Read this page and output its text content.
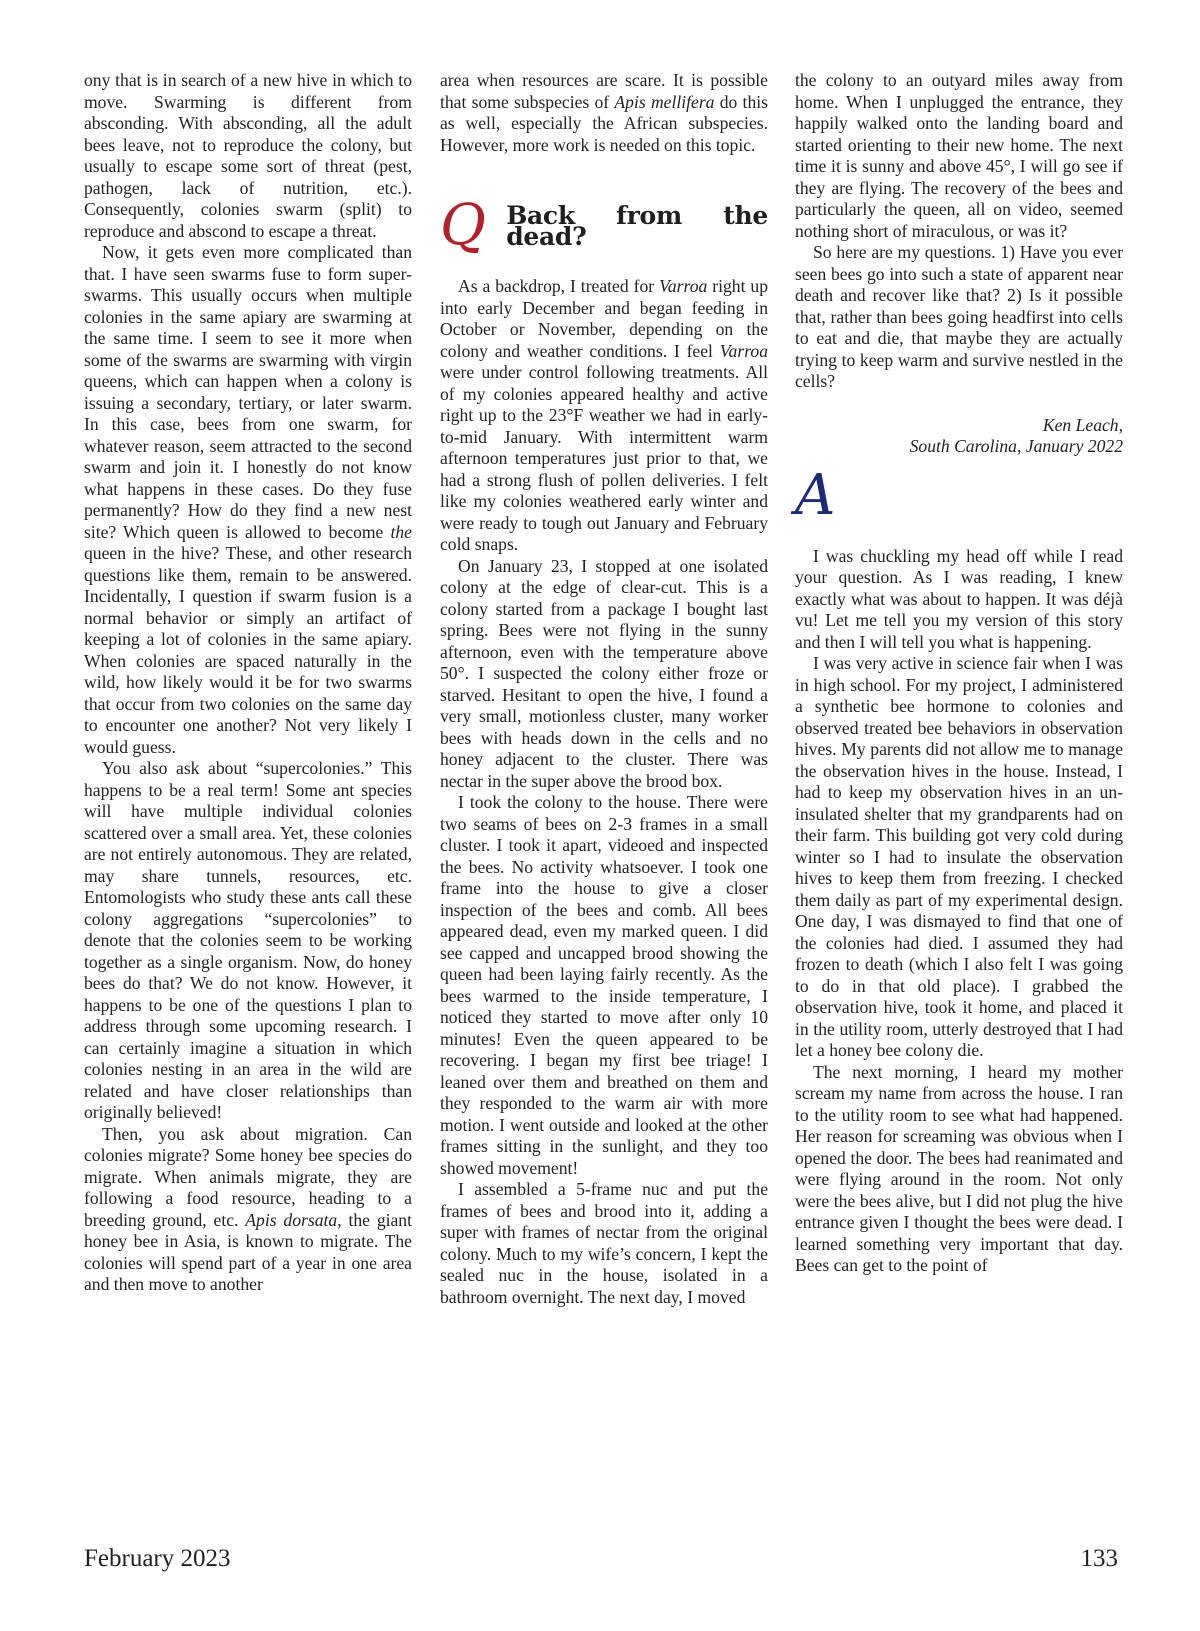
ony that is in search of a new hive in which to move. Swarming is different from absconding. With absconding, all the adult bees leave, not to reproduce the colony, but usually to escape some sort of threat (pest, pathogen, lack of nutrition, etc.). Consequently, colonies swarm (split) to reproduce and abscond to escape a threat.

Now, it gets even more complicated than that. I have seen swarms fuse to form super-swarms. This usually occurs when multiple colonies in the same apiary are swarming at the same time. I seem to see it more when some of the swarms are swarming with virgin queens, which can happen when a colony is issuing a secondary, tertiary, or later swarm. In this case, bees from one swarm, for whatever reason, seem attracted to the second swarm and join it. I honestly do not know what happens in these cases. Do they fuse permanently? How do they find a new nest site? Which queen is allowed to become the queen in the hive? These, and other research questions like them, remain to be answered. Incidentally, I question if swarm fusion is a normal behavior or simply an artifact of keeping a lot of colonies in the same apiary. When colonies are spaced naturally in the wild, how likely would it be for two swarms that occur from two colonies on the same day to encounter one another? Not very likely I would guess.

You also ask about “supercolonies.” This happens to be a real term! Some ant species will have multiple individual colonies scattered over a small area. Yet, these colonies are not entirely autonomous. They are related, may share tunnels, resources, etc. Entomologists who study these ants call these colony aggregations “supercolonies” to denote that the colonies seem to be working together as a single organism. Now, do honey bees do that? We do not know. However, it happens to be one of the questions I plan to address through some upcoming research. I can certainly imagine a situation in which colonies nesting in an area in the wild are related and have closer relationships than originally believed!

Then, you ask about migration. Can colonies migrate? Some honey bee species do migrate. When animals migrate, they are following a food resource, heading to a breeding ground, etc. Apis dorsata, the giant honey bee in Asia, is known to migrate. The colonies will spend part of a year in one area and then move to another

area when resources are scare. It is possible that some subspecies of Apis mellifera do this as well, especially the African subspecies. However, more work is needed on this topic.

Q Back from the dead?

As a backdrop, I treated for Varroa right up into early December and began feeding in October or November, depending on the colony and weather conditions. I feel Varroa were under control following treatments. All of my colonies appeared healthy and active right up to the 23°F weather we had in early-to-mid January. With intermittent warm afternoon temperatures just prior to that, we had a strong flush of pollen deliveries. I felt like my colonies weathered early winter and were ready to tough out January and February cold snaps.

On January 23, I stopped at one isolated colony at the edge of clear-cut. This is a colony started from a package I bought last spring. Bees were not flying in the sunny afternoon, even with the temperature above 50°. I suspected the colony either froze or starved. Hesitant to open the hive, I found a very small, motionless cluster, many worker bees with heads down in the cells and no honey adjacent to the cluster. There was nectar in the super above the brood box.

I took the colony to the house. There were two seams of bees on 2-3 frames in a small cluster. I took it apart, videoed and inspected the bees. No activity whatsoever. I took one frame into the house to give a closer inspection of the bees and comb. All bees appeared dead, even my marked queen. I did see capped and uncapped brood showing the queen had been laying fairly recently. As the bees warmed to the inside temperature, I noticed they started to move after only 10 minutes! Even the queen appeared to be recovering. I began my first bee triage! I leaned over them and breathed on them and they responded to the warm air with more motion. I went outside and looked at the other frames sitting in the sunlight, and they too showed movement!

I assembled a 5-frame nuc and put the frames of bees and brood into it, adding a super with frames of nectar from the original colony. Much to my wife’s concern, I kept the sealed nuc in the house, isolated in a bathroom overnight. The next day, I moved

the colony to an outyard miles away from home. When I unplugged the entrance, they happily walked onto the landing board and started orienting to their new home. The next time it is sunny and above 45°, I will go see if they are flying. The recovery of the bees and particularly the queen, all on video, seemed nothing short of miraculous, or was it?

So here are my questions. 1) Have you ever seen bees go into such a state of apparent near death and recover like that? 2) Is it possible that, rather than bees going headfirst into cells to eat and die, that maybe they are actually trying to keep warm and survive nestled in the cells?

Ken Leach,
South Carolina, January 2022

A

I was chuckling my head off while I read your question. As I was reading, I knew exactly what was about to happen. It was déjà vu! Let me tell you my version of this story and then I will tell you what is happening.

I was very active in science fair when I was in high school. For my project, I administered a synthetic bee hormone to colonies and observed treated bee behaviors in observation hives. My parents did not allow me to manage the observation hives in the house. Instead, I had to keep my observation hives in an un-insulated shelter that my grandparents had on their farm. This building got very cold during winter so I had to insulate the observation hives to keep them from freezing. I checked them daily as part of my experimental design. One day, I was dismayed to find that one of the colonies had died. I assumed they had frozen to death (which I also felt I was going to do in that old place). I grabbed the observation hive, took it home, and placed it in the utility room, utterly destroyed that I had let a honey bee colony die.

The next morning, I heard my mother scream my name from across the house. I ran to the utility room to see what had happened. Her reason for screaming was obvious when I opened the door. The bees had reanimated and were flying around in the room. Not only were the bees alive, but I did not plug the hive entrance given I thought the bees were dead. I learned something very important that day. Bees can get to the point of

February 2023	133
